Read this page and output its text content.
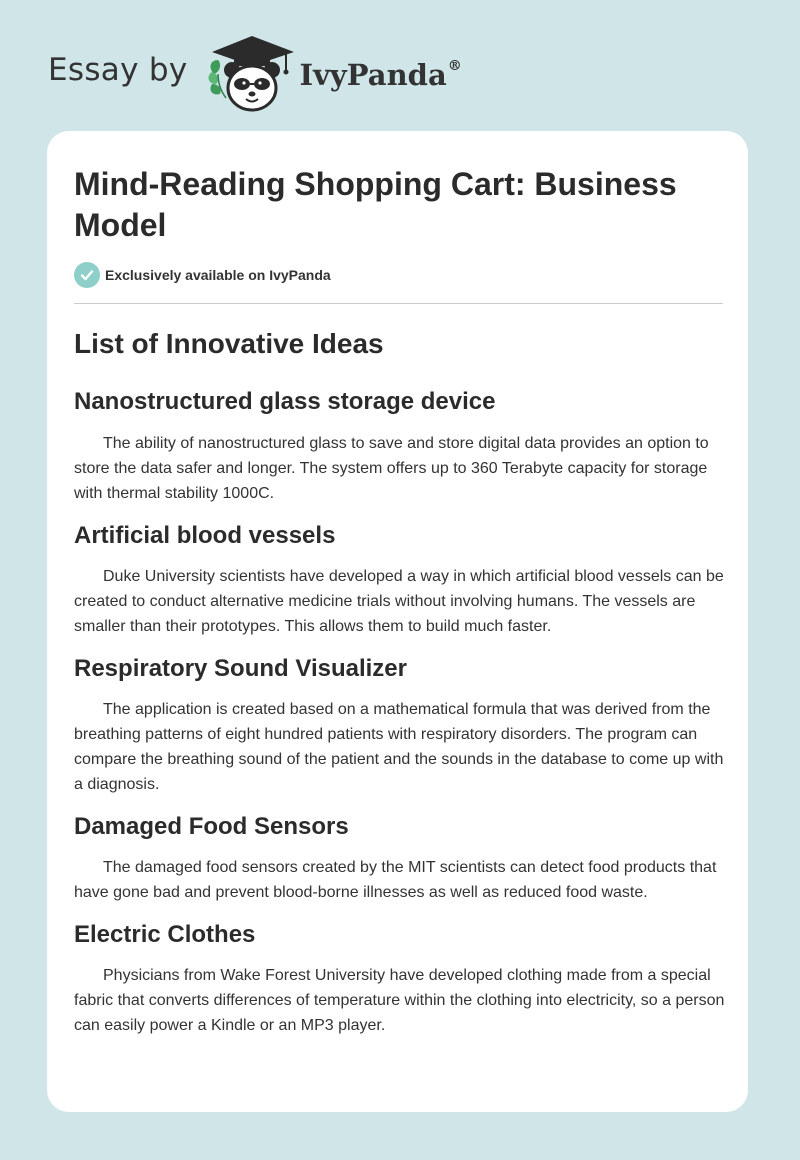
Essay by	IvyPanda®
Mind-Reading Shopping Cart: Business Model
Exclusively available on IvyPanda
List of Innovative Ideas
Nanostructured glass storage device

The ability of nanostructured glass to save and store digital data provides an option to store the data safer and longer. The system offers up to 360 Terabyte capacity for storage with thermal stability 1000C.

Artificial blood vessels

Duke University scientists have developed a way in which artificial blood vessels can be created to conduct alternative medicine trials without involving humans. The vessels are smaller than their prototypes. This allows them to build much faster.

Respiratory Sound Visualizer

The application is created based on a mathematical formula that was derived from the breathing patterns of eight hundred patients with respiratory disorders. The program can compare the breathing sound of the patient and the sounds in the database to come up with a diagnosis.

Damaged Food Sensors

The damaged food sensors created by the MIT scientists can detect food products that have gone bad and prevent blood-borne illnesses as well as reduced food waste.

Electric Clothes

Physicians from Wake Forest University have developed clothing made from a special fabric that converts differences of temperature within the clothing into electricity, so a person can easily power a Kindle or an MP3 player.
